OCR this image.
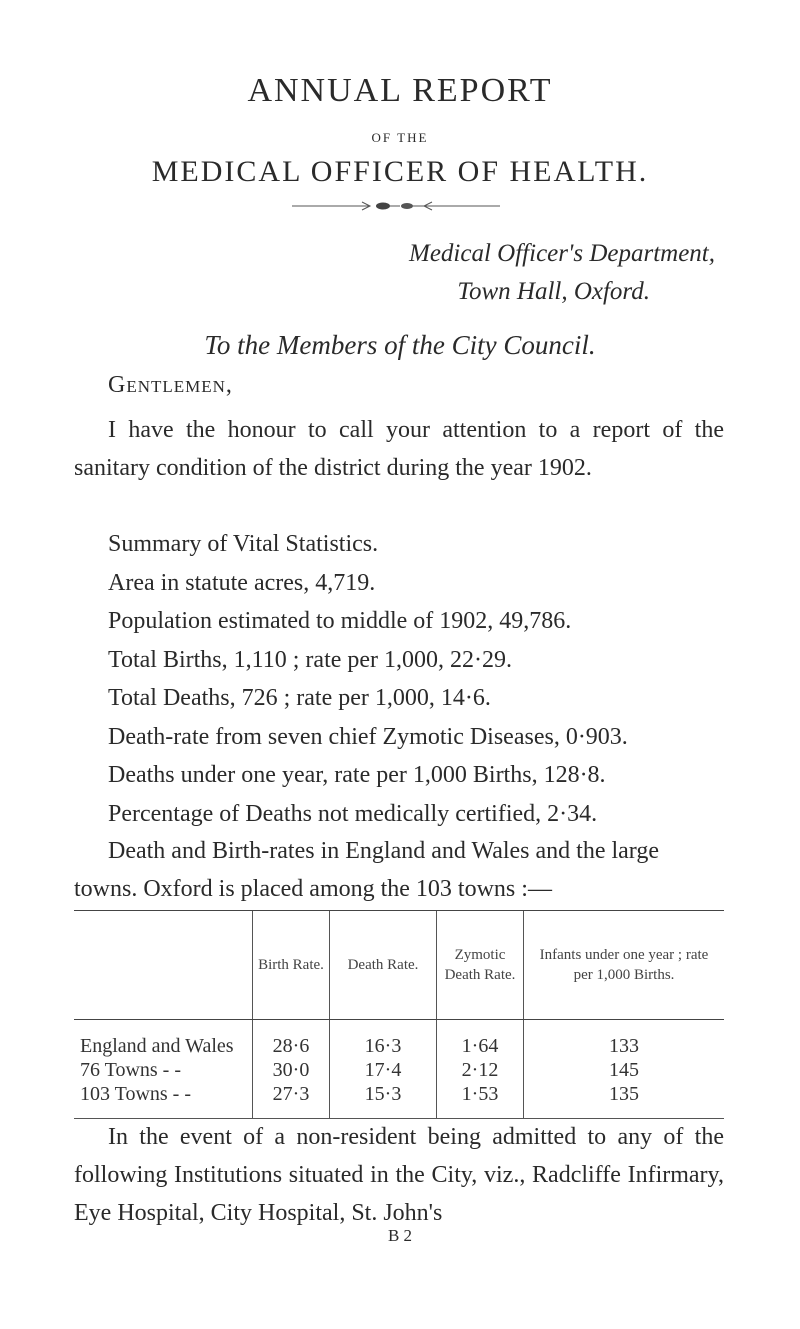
ANNUAL REPORT
OF THE
MEDICAL OFFICER OF HEALTH.
Medical Officer's Department,
Town Hall, Oxford.
To the Members of the City Council.
Gentlemen,
I have the honour to call your attention to a report of the sanitary condition of the district during the year 1902.
Summary of Vital Statistics.
Area in statute acres, 4,719.
Population estimated to middle of 1902, 49,786.
Total Births, 1,110 ; rate per 1,000, 22·29.
Total Deaths, 726 ; rate per 1,000, 14·6.
Death-rate from seven chief Zymotic Diseases, 0·903.
Deaths under one year, rate per 1,000 Births, 128·8.
Percentage of Deaths not medically certified, 2·34.
Death and Birth-rates in England and Wales and the large towns. Oxford is placed among the 103 towns :—
	Birth Rate.	Death Rate.	Zymotic Death Rate.	Infants under one year ; rate per 1,000 Births.
England and Wales	28·6	16·3	1·64	133
76 Towns - -	30·0	17·4	2·12	145
103 Towns - -	27·3	15·3	1·53	135
In the event of a non-resident being admitted to any of the following Institutions situated in the City, viz., Radcliffe Infirmary, Eye Hospital, City Hospital, St. John's
B 2
